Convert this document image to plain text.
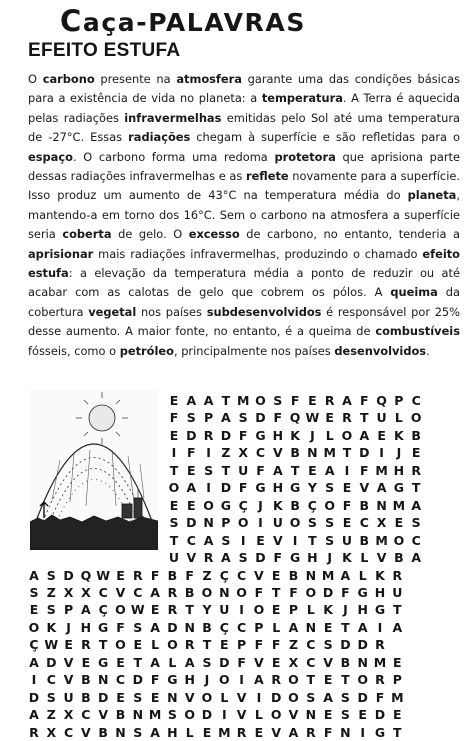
Caça-PALAVRAS
EFEITO ESTUFA
O carbono presente na atmosfera garante uma das condições básicas para a existência de vida no planeta: a temperatura. A Terra é aquecida pelas radiações infravermelhas emitidas pelo Sol até uma temperatura de -27°C. Essas radiações chegam à superfície e são refletidas para o espaço. O carbono forma uma redoma protetora que aprisiona parte dessas radiações infravermelhas e as reflete novamente para a superfície. Isso produz um aumento de 43°C na temperatura média do planeta, mantendo-a em torno dos 16°C. Sem o carbono na atmosfera a superfície seria coberta de gelo. O excesso de carbono, no entanto, tenderia a aprisionar mais radiações infravermelhas, produzindo o chamado efeito estufa: a elevação da temperatura média a ponto de reduzir ou até acabar com as calotas de gelo que cobrem os pólos. A queima da cobertura vegetal nos países subdesenvolvidos é responsável por 25% desse aumento. A maior fonte, no entanto, é a queima de combustíveis fósseis, como o petróleo, principalmente nos países desenvolvidos.
E A A T M O S F E R A F Q P C
F S P A S D F Q W E R T U L O
E D R D F G H K J L O A E K B
I F I Z X C V B N M T D I	J E
T E S T U F A T E A I F M H R
O A I D F G H G Y S E V A G T
E E O G Ç J K B Ç O F B N M A
S D N P O I U O S S E C X E S
T C A S I E V I T S U B M O C
U V R A S D F G H J K L V B A
A S D Q W E R F B F Z Ç C V E B N M A L K R
S Z X X C V C A R B O N O F T F O D F G H U
E S P A Ç O W E R T Y U I O E P L K J H G T
O K J H G F S A D N B Ç C P L A N E T A I A
Ç W E R T O E L O R T E P F F Z C S D D R
A D V E G E T A L A S D F V E X C V B N M E
I C V B N C D F G H J O I A R O T E T O R P
D S U B D E S E N V O L V I D O S A S D F M
A Z X C V B N M S O D I V L O V N E S E D E
R X C V B N S A H L E M R E V A R F N I G T
